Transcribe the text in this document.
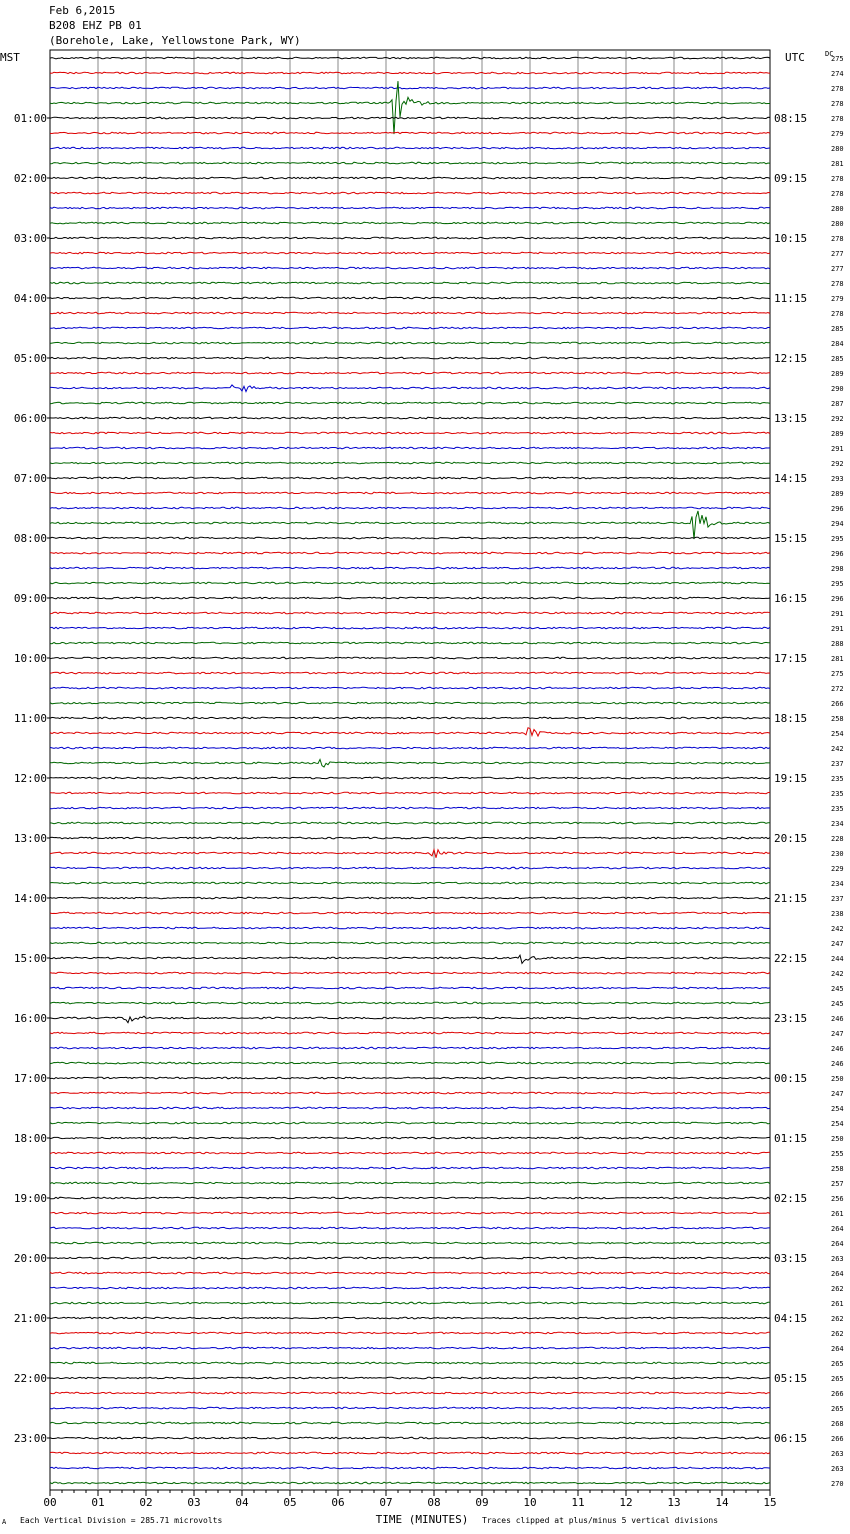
Feb 6,2015
B208 EHZ PB 01
(Borehole, Lake, Yellowstone Park, WY)
MST	UTC	DC
01:00
02:00
03:00
04:00
05:00
06:00
07:00
08:00
09:00
10:00
11:00
12:00
13:00
14:00
15:00
16:00
17:00
18:00
19:00
20:00
21:00
22:00
23:00
08:15
09:15
10:15
11:15
12:15
13:15
14:15
15:15
16:15
17:15
18:15
19:15
20:15
21:15
22:15
23:15
00:15
01:15
02:15
03:15
04:15
05:15
06:15
275
274
278
278
278
279
280
281
278
278
280
280
278
277
277
278
279
278
285
284
285
289
290
287
292
289
291
292
293
289
296
294
295
296
298
295
296
291
291
288
281
275
272
266
258
254
242
237
235
235
235
234
228
230
229
234
237
238
242
247
244
242
245
245
246
247
246
246
250
247
254
254
250
255
258
257
256
261
264
264
263
264
262
261
262
262
264
265
265
266
265
268
266
263
263
270
00	01	02	03	04	05	06	07	08	09	10	11	12	13	14	15
A Each Vertical Division = 285.71 microvolts	TIME (MINUTES) Traces clipped at plus/minus 5 vertical divisions
